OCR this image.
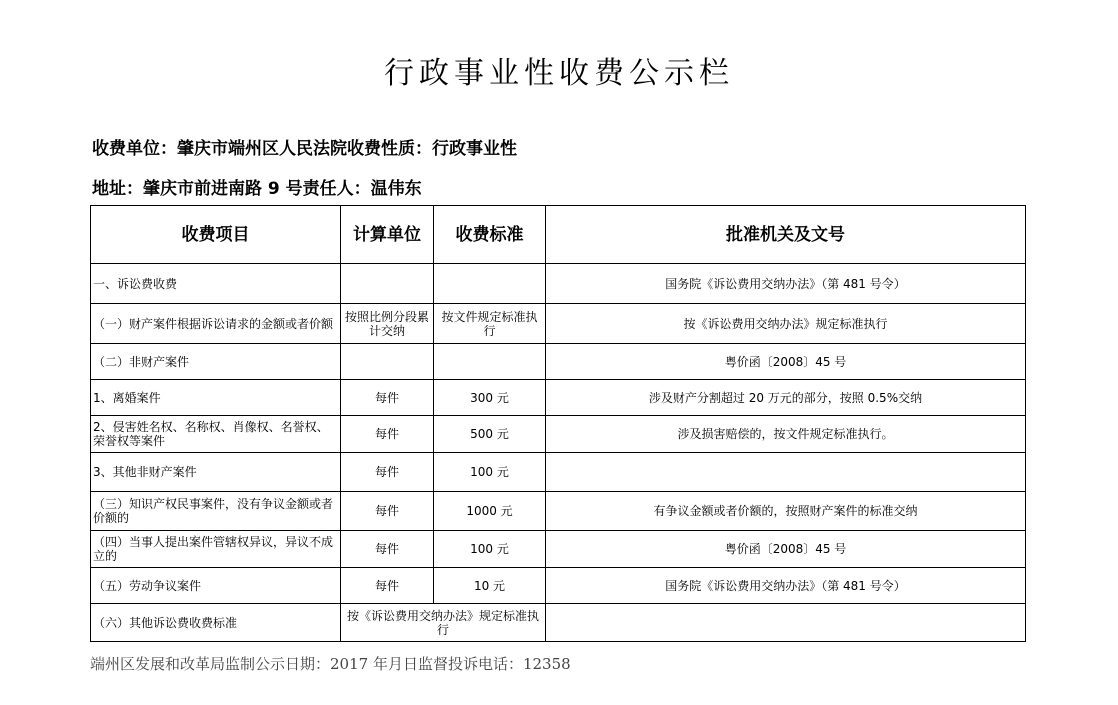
行政事业性收费公示栏
收费单位：肇庆市端州区人民法院收费性质：行政事业性
地址：肇庆市前进南路 9 号责任人：温伟东
收费项目	计算单位	收费标准	批准机关及文号
一、诉讼费收费			国务院《诉讼费用交纳办法》（第 481 号令）
（一）财产案件根据诉讼请求的金额或者价额	按照比例分段累计交纳	按文件规定标准执行	按《诉讼费用交纳办法》规定标准执行
（二）非财产案件			粤价函〔2008〕45 号
1、离婚案件	每件	300 元	涉及财产分割超过 20 万元的部分，按照 0.5%交纳
2、侵害姓名权、名称权、肖像权、名誉权、荣誉权等案件	每件	500 元	涉及损害赔偿的，按文件规定标准执行。
3、其他非财产案件	每件	100 元	
（三）知识产权民事案件，没有争议金额或者价额的	每件	1000 元	有争议金额或者价额的，按照财产案件的标准交纳
（四）当事人提出案件管辖权异议，异议不成立的	每件	100 元	粤价函〔2008〕45 号
（五）劳动争议案件	每件	10 元	国务院《诉讼费用交纳办法》（第 481 号令）
（六）其他诉讼费收费标准	按《诉讼费用交纳办法》规定标准执行		
端州区发展和改革局监制公示日期：2017 年月日监督投诉电话：12358
